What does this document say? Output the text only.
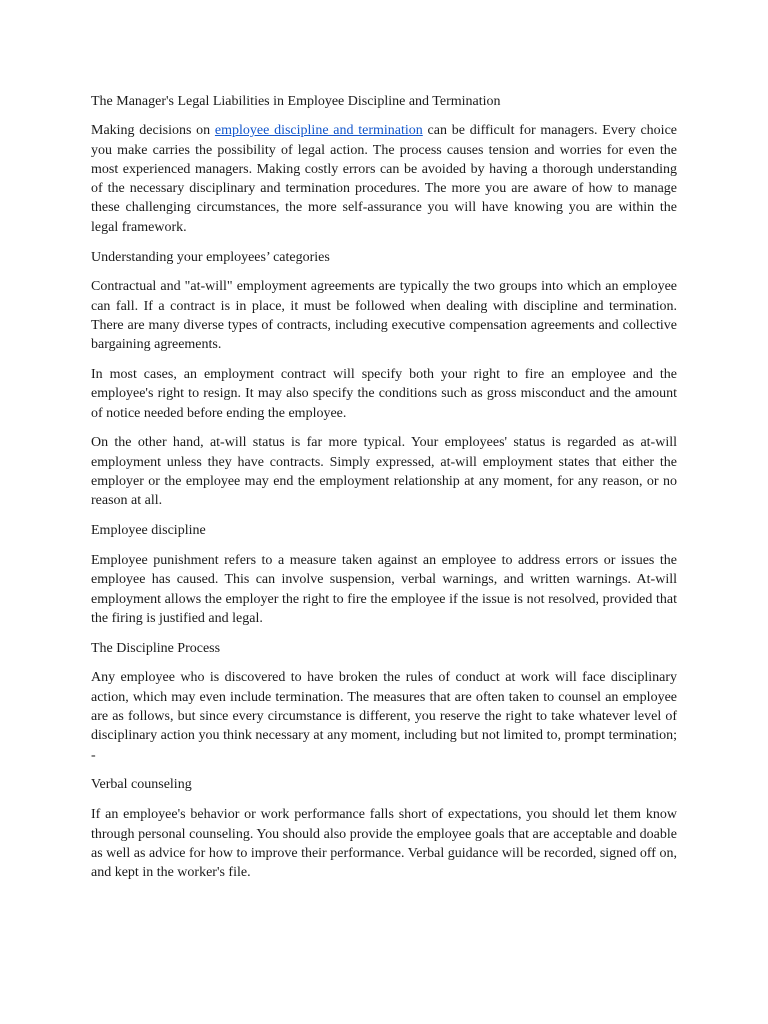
The Manager's Legal Liabilities in Employee Discipline and Termination

Making decisions on employee discipline and termination can be difficult for managers. Every choice you make carries the possibility of legal action. The process causes tension and worries for even the most experienced managers. Making costly errors can be avoided by having a thorough understanding of the necessary disciplinary and termination procedures. The more you are aware of how to manage these challenging circumstances, the more self-assurance you will have knowing you are within the legal framework.

Understanding your employees’ categories

Contractual and "at-will" employment agreements are typically the two groups into which an employee can fall. If a contract is in place, it must be followed when dealing with discipline and termination. There are many diverse types of contracts, including executive compensation agreements and collective bargaining agreements.

In most cases, an employment contract will specify both your right to fire an employee and the employee's right to resign. It may also specify the conditions such as gross misconduct and the amount of notice needed before ending the employee.

On the other hand, at-will status is far more typical. Your employees' status is regarded as at-will employment unless they have contracts. Simply expressed, at-will employment states that either the employer or the employee may end the employment relationship at any moment, for any reason, or no reason at all.

Employee discipline

Employee punishment refers to a measure taken against an employee to address errors or issues the employee has caused. This can involve suspension, verbal warnings, and written warnings. At-will employment allows the employer the right to fire the employee if the issue is not resolved, provided that the firing is justified and legal.

The Discipline Process

Any employee who is discovered to have broken the rules of conduct at work will face disciplinary action, which may even include termination. The measures that are often taken to counsel an employee are as follows, but since every circumstance is different, you reserve the right to take whatever level of disciplinary action you think necessary at any moment, including but not limited to, prompt termination; -

Verbal counseling

If an employee's behavior or work performance falls short of expectations, you should let them know through personal counseling. You should also provide the employee goals that are acceptable and doable as well as advice for how to improve their performance. Verbal guidance will be recorded, signed off on, and kept in the worker's file.
